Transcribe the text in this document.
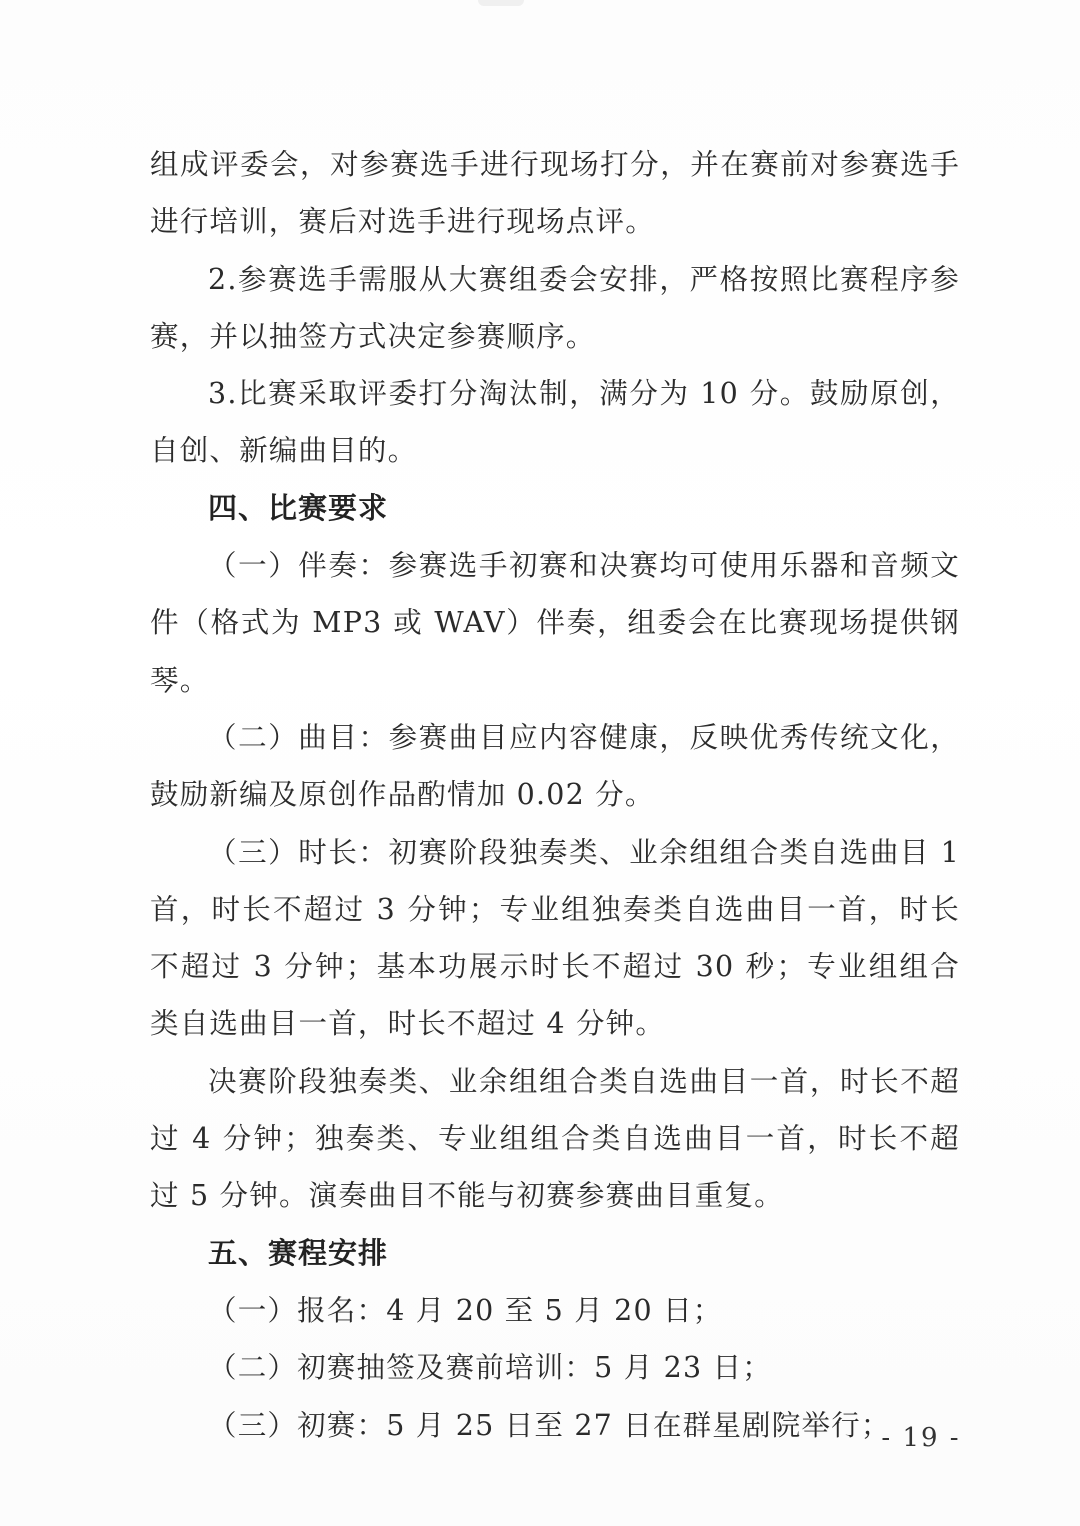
组成评委会，对参赛选手进行现场打分，并在赛前对参赛选手进行培训，赛后对选手进行现场点评。

2.参赛选手需服从大赛组委会安排，严格按照比赛程序参赛，并以抽签方式决定参赛顺序。

3.比赛采取评委打分淘汰制，满分为 10 分。鼓励原创，自创、新编曲目的。

四、比赛要求

（一）伴奏：参赛选手初赛和决赛均可使用乐器和音频文件（格式为 MP3 或 WAV）伴奏，组委会在比赛现场提供钢琴。

（二）曲目：参赛曲目应内容健康，反映优秀传统文化，鼓励新编及原创作品酌情加 0.02 分。

（三）时长：初赛阶段独奏类、业余组组合类自选曲目 1 首，时长不超过 3 分钟；专业组独奏类自选曲目一首，时长不超过 3 分钟；基本功展示时长不超过 30 秒；专业组组合类自选曲目一首，时长不超过 4 分钟。

决赛阶段独奏类、业余组组合类自选曲目一首，时长不超过 4 分钟；独奏类、专业组组合类自选曲目一首，时长不超过 5 分钟。演奏曲目不能与初赛参赛曲目重复。

五、赛程安排

（一）报名：4 月 20 至 5 月 20 日；

（二）初赛抽签及赛前培训：5 月 23 日；

（三）初赛：5 月 25 日至 27 日在群星剧院举行；

- 19 -
